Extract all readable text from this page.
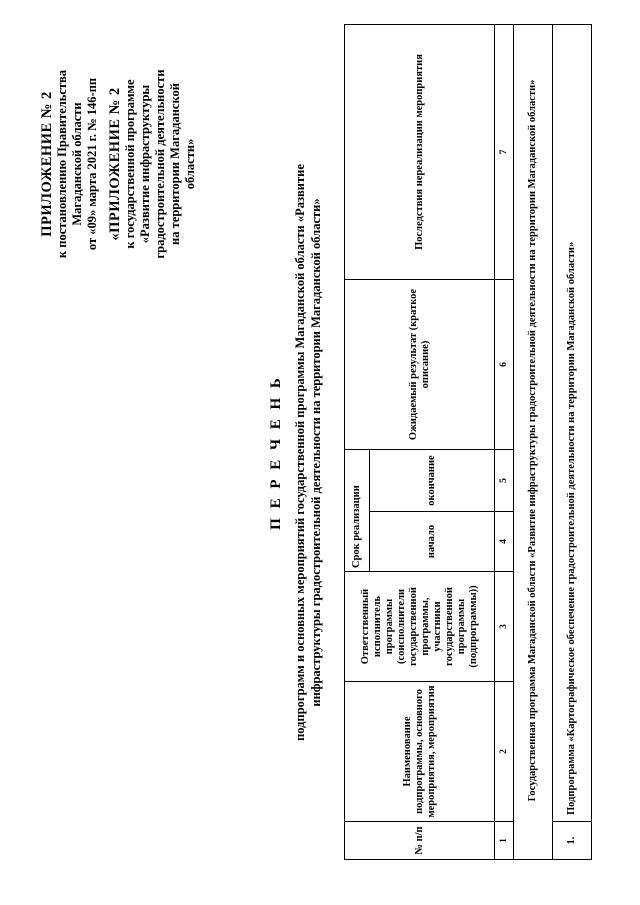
ПРИЛОЖЕНИЕ № 2 к постановлению Правительства Магаданской области от «09» марта 2021 г. № 146-пп «ПРИЛОЖЕНИЕ № 2 к государственной программе «Развитие инфраструктуры градостроительной деятельности на территории Магаданской области»
П Е Р Е Ч Е Н Ь подпрограмм и основных мероприятий государственной программы Магаданской области «Развитие инфраструктуры градостроительной деятельности на территории Магаданской области»
№ п/п	Наименование подпрограммы, основного мероприятия, мероприятия	Ответственный исполнитель программы (соисполнители государственной программы, участники государственной программы (подпрограммы))	Срок реализации		Ожидаемый результат (краткое описание)	Последствия нереализации мероприятия
			начало	окончание		
1	2	3	4	5	6	7
Государственная программа Магаданской области «Развитие инфраструктуры градостроительной деятельности на территории Магаданской области»						
1.	Подпрограмма «Картографическое обеспечение градостроительной деятельности на территории Магаданской области»					
